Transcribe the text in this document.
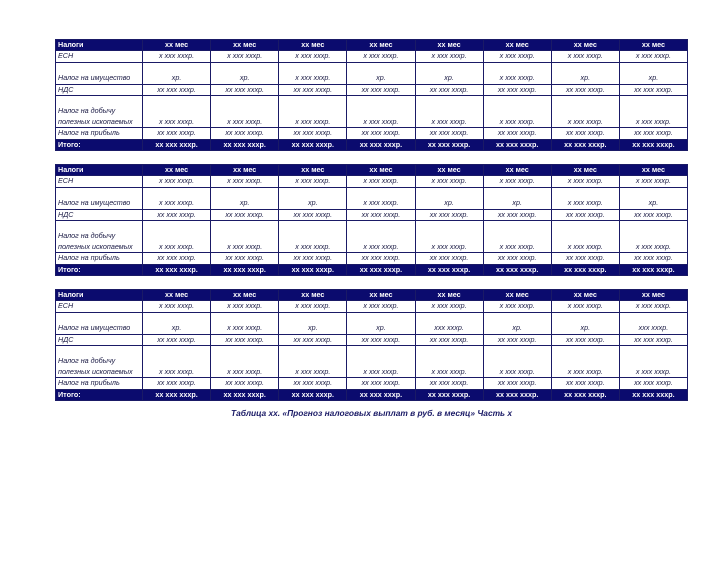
Налоги	xx мес	xx мес	xx мес	xx мес	xx мес	xx мес	xx мес	xx мес
ЕСН	x xxx xxxр.	x xxx xxxр.	x xxx xxxр.	x xxx xxxр.	x xxx xxxр.	x xxx xxxр.	x xxx xxxр.	x xxx xxxр.
Налог на имущество	xр.	xр.	x xxx xxxр.	xр.	xр.	x xxx xxxр.	xр.	xр.
НДС	xx xxx xxxр.	xx xxx xxxр.	xx xxx xxxр.	xx xxx xxxр.	xx xxx xxxр.	xx xxx xxxр.	xx xxx xxxр.	xx xxx xxxр.
Налог на добычу полезных ископаемых	x xxx xxxр.	x xxx xxxр.	x xxx xxxр.	x xxx xxxр.	x xxx xxxр.	x xxx xxxр.	x xxx xxxр.	x xxx xxxр.
Налог на прибыль	xx xxx xxxр.	xx xxx xxxр.	xx xxx xxxр.	xx xxx xxxр.	xx xxx xxxр.	xx xxx xxxр.	xx xxx xxxр.	xx xxx xxxр.
Итого:	xx xxx xxxр.	xx xxx xxxр.	xx xxx xxxр.	xx xxx xxxр.	xx xxx xxxр.	xx xxx xxxр.	xx xxx xxxр.	xx xxx xxxр.
Налоги	xx мес	xx мес	xx мес	xx мес	xx мес	xx мес	xx мес	xx мес
ЕСН	x xxx xxxр.	x xxx xxxр.	x xxx xxxр.	x xxx xxxр.	x xxx xxxр.	x xxx xxxр.	x xxx xxxр.	x xxx xxxр.
Налог на имущество	x xxx xxxр.	xр.	xр.	x xxx xxxр.	xр.	xр.	x xxx xxxр.	xр.
НДС	xx xxx xxxр.	xx xxx xxxр.	xx xxx xxxр.	xx xxx xxxр.	xx xxx xxxр.	xx xxx xxxр.	xx xxx xxxр.	xx xxx xxxр.
Налог на добычу полезных ископаемых	x xxx xxxр.	x xxx xxxр.	x xxx xxxр.	x xxx xxxр.	x xxx xxxр.	x xxx xxxр.	x xxx xxxр.	x xxx xxxр.
Налог на прибыль	xx xxx xxxр.	xx xxx xxxр.	xx xxx xxxр.	xx xxx xxxр.	xx xxx xxxр.	xx xxx xxxр.	xx xxx xxxр.	xx xxx xxxр.
Итого:	xx xxx xxxр.	xx xxx xxxр.	xx xxx xxxр.	xx xxx xxxр.	xx xxx xxxр.	xx xxx xxxр.	xx xxx xxxр.	xx xxx xxxр.
Налоги	xx мес	xx мес	xx мес	xx мес	xx мес	xx мес	xx мес	xx мес
ЕСН	x xxx xxxр.	x xxx xxxр.	x xxx xxxр.	x xxx xxxр.	x xxx xxxр.	x xxx xxxр.	x xxx xxxр.	x xxx xxxр.
Налог на имущество	xр.	x xxx xxxр.	xр.	xр.	xxx xxxр.	xр.	xр.	xxx xxxр.
НДС	xx xxx xxxр.	xx xxx xxxр.	xx xxx xxxр.	xx xxx xxxр.	xx xxx xxxр.	xx xxx xxxр.	xx xxx xxxр.	xx xxx xxxр.
Налог на добычу полезных ископаемых	x xxx xxxр.	x xxx xxxр.	x xxx xxxр.	x xxx xxxр.	x xxx xxxр.	x xxx xxxр.	x xxx xxxр.	x xxx xxxр.
Налог на прибыль	xx xxx xxxр.	xx xxx xxxр.	xx xxx xxxр.	xx xxx xxxр.	xx xxx xxxр.	xx xxx xxxр.	xx xxx xxxр.	xx xxx xxxр.
Итого:	xx xxx xxxр.	xx xxx xxxр.	xx xxx xxxр.	xx xxx xxxр.	xx xxx xxxр.	xx xxx xxxр.	xx xxx xxxр.	xx xxx xxxр.
Таблица xx. «Прогноз налоговых выплат в руб. в месяц» Часть x
